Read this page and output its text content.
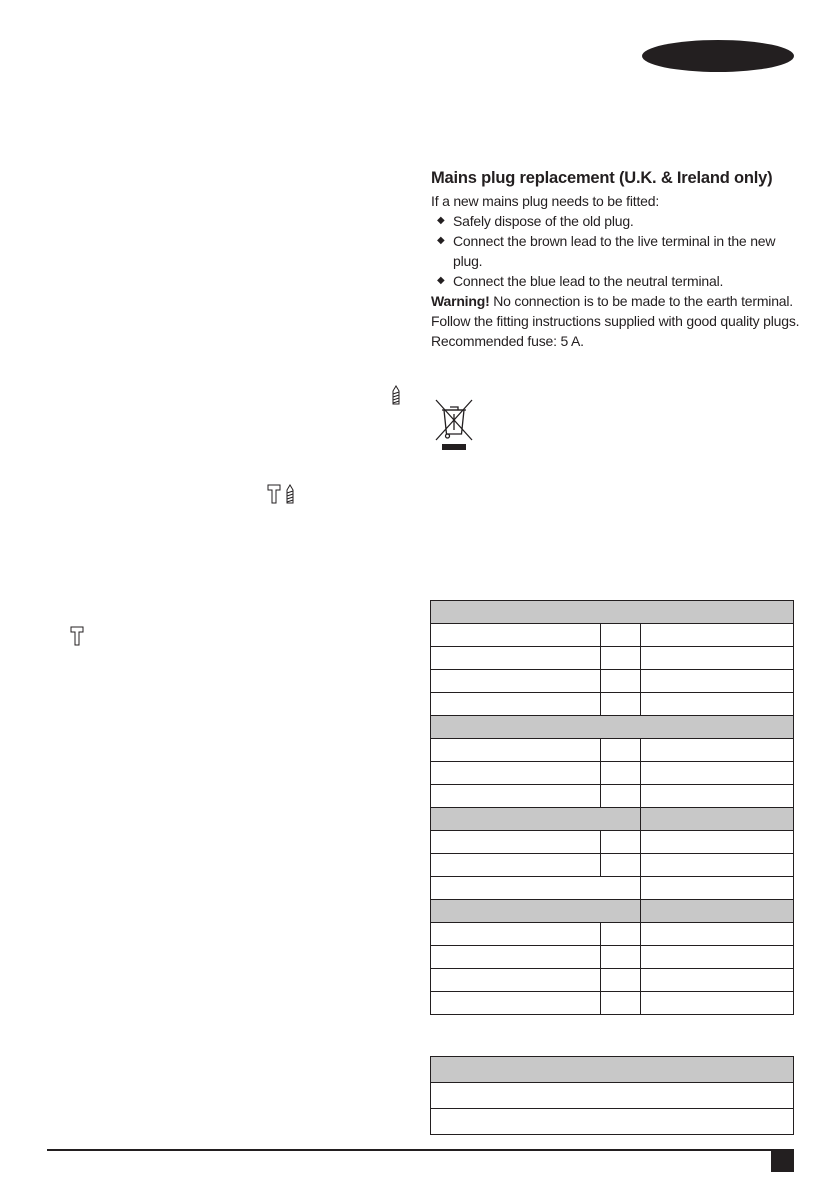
Mains plug replacement (U.K. & Ireland only)

If a new mains plug needs to be fitted:

◆ Safely dispose of the old plug.
◆ Connect the brown lead to the live terminal in the new plug.
◆ Connect the blue lead to the neutral terminal.

Warning! No connection is to be made to the earth terminal.

Follow the fitting instructions supplied with good quality plugs.

Recommended fuse: 5 A.
